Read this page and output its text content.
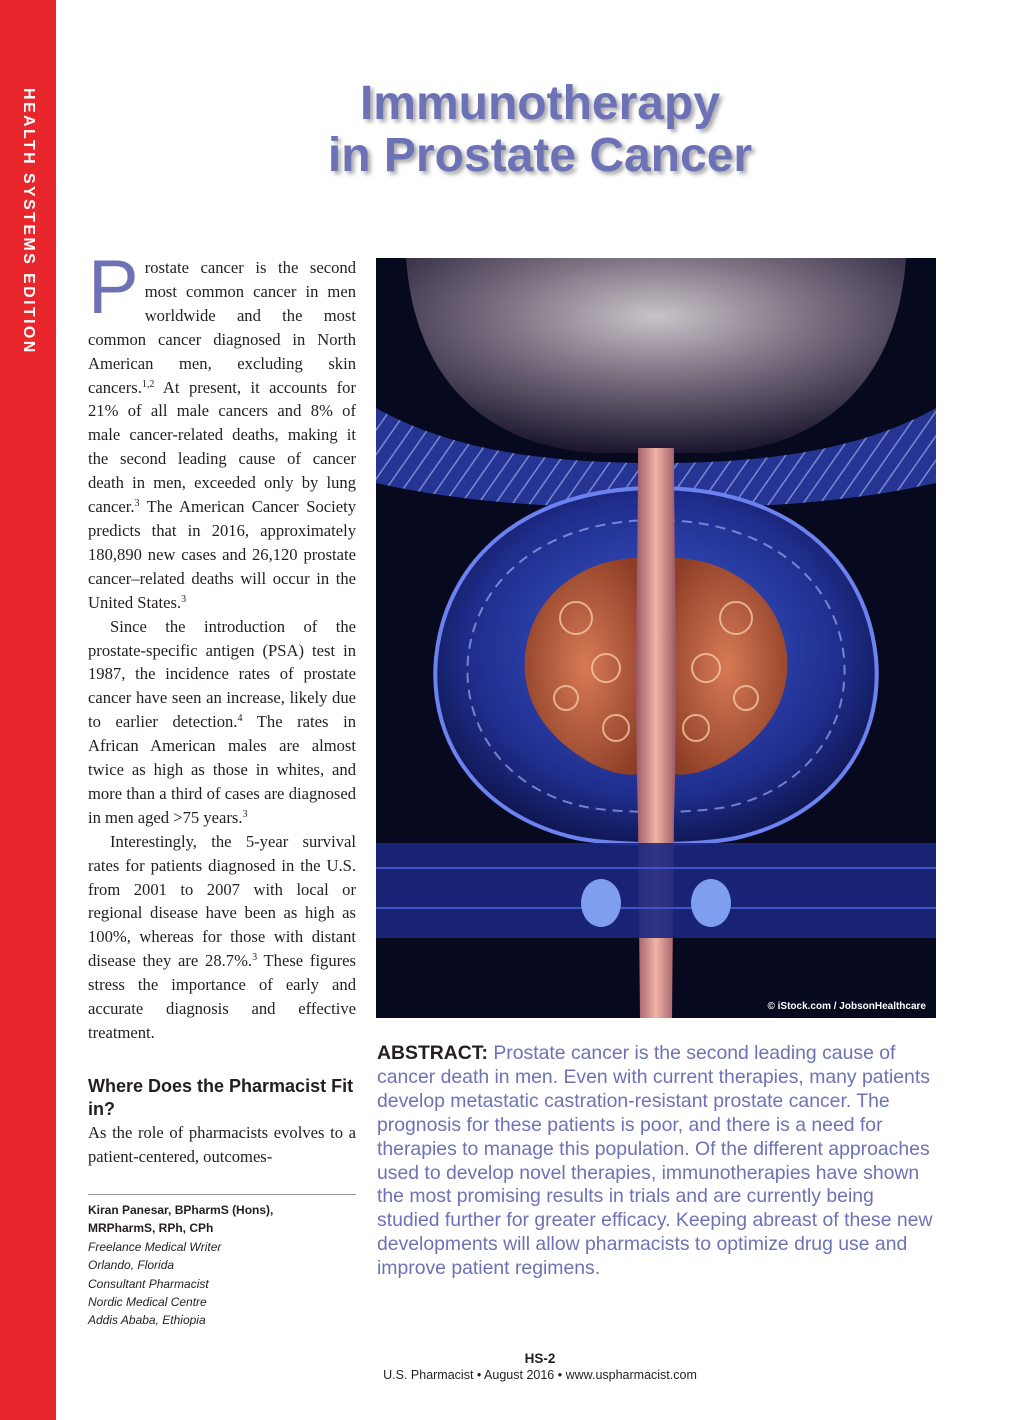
HEALTH SYSTEMS EDITION	Immunotherapy
in Prostate Cancer

Prostate cancer is the second most common cancer in men worldwide and the most common cancer diagnosed in North American men, excluding skin cancers.$^{1,2}$ At present, it accounts for 21% of all male cancers and 8% of male cancer-related deaths, making it the second leading cause of cancer death in men, exceeded only by lung cancer.$^3$ The American Cancer Society predicts that in 2016, approximately 180,890 new cases and 26,120 prostate cancer–related deaths will occur in the United States.$^3$

Since the introduction of the prostate-specific antigen (PSA) test in 1987, the incidence rates of prostate cancer have seen an increase, likely due to earlier detection.$^4$ The rates in African American males are almost twice as high as those in whites, and more than a third of cases are diagnosed in men aged >75 years.$^3$

Interestingly, the 5-year survival rates for patients diagnosed in the U.S. from 2001 to 2007 with local or regional disease have been as high as 100%, whereas for those with distant disease they are 28.7%.$^3$ These figures stress the importance of early and accurate diagnosis and effective treatment.

Where Does the Pharmacist Fit in?

As the role of pharmacists evolves to a patient-centered, outcomes-

Kiran Panesar, BPharmS (Hons),
MRPharmS, RPh, CPh
Freelance Medical Writer
Orlando, Florida
Consultant Pharmacist
Nordic Medical Centre
Addis Ababa, Ethiopia
© iStock.com / JobsonHealthcare
ABSTRACT: Prostate cancer is the second leading cause of cancer death in men. Even with current therapies, many patients develop metastatic castration-resistant prostate cancer. The prognosis for these patients is poor, and there is a need for therapies to manage this population. Of the different approaches used to develop novel therapies, immunotherapies have shown the most promising results in trials and are currently being studied further for greater efficacy. Keeping abreast of these new developments will allow pharmacists to optimize drug use and improve patient regimens.
HS-2
U.S. Pharmacist • August 2016 • www.uspharmacist.com
